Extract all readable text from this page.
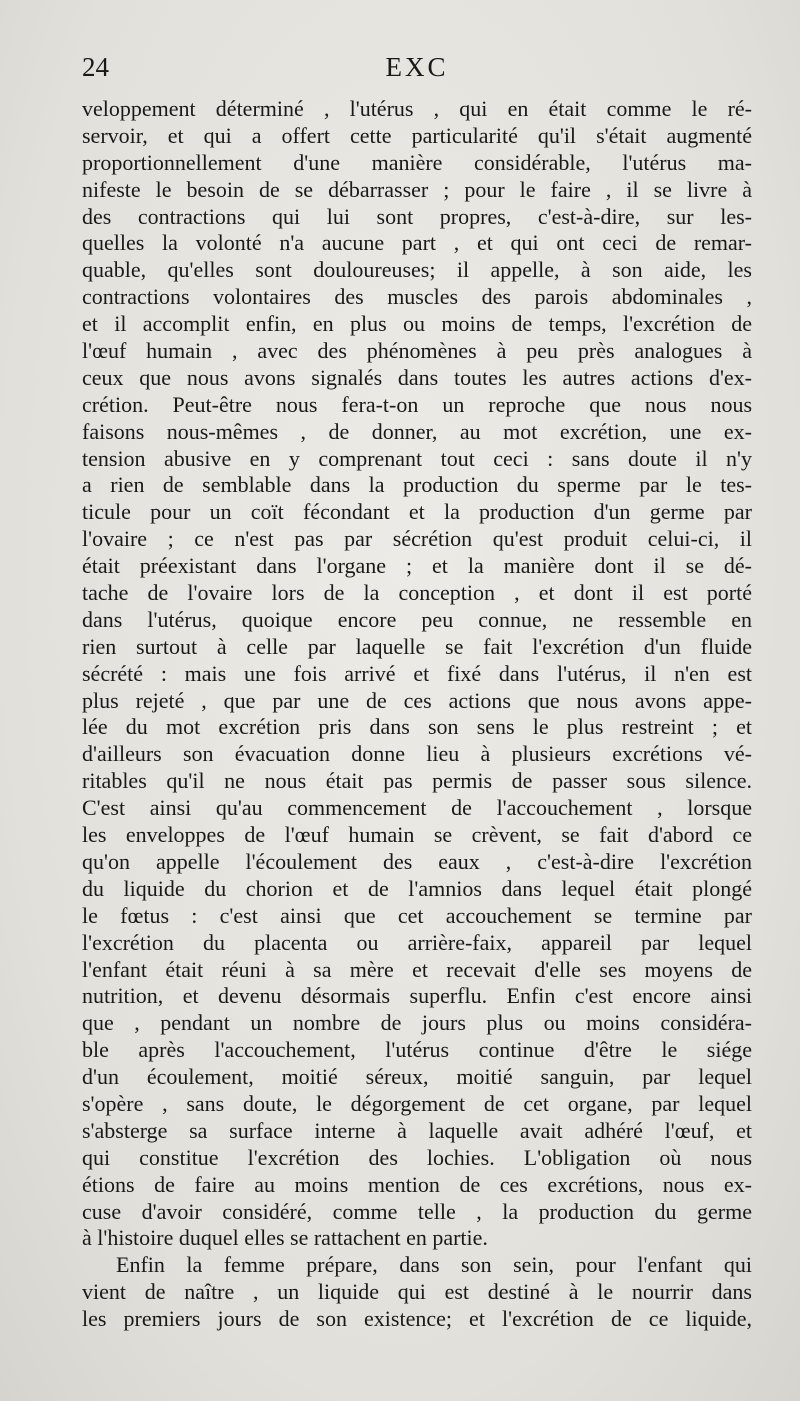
24	EXC
veloppement déterminé , l'utérus , qui en était comme le ré-
servoir, et qui a offert cette particularité qu'il s'était augmenté
proportionnellement d'une manière considérable, l'utérus ma-
nifeste le besoin de se débarrasser ; pour le faire , il se livre à
des contractions qui lui sont propres, c'est-à-dire, sur les-
quelles la volonté n'a aucune part , et qui ont ceci de remar-
quable, qu'elles sont douloureuses; il appelle, à son aide, les
contractions volontaires des muscles des parois abdominales ,
et il accomplit enfin, en plus ou moins de temps, l'excrétion de
l'œuf humain , avec des phénomènes à peu près analogues à
ceux que nous avons signalés dans toutes les autres actions d'ex-
crétion. Peut-être nous fera-t-on un reproche que nous nous
faisons nous-mêmes , de donner, au mot excrétion, une ex-
tension abusive en y comprenant tout ceci : sans doute il n'y
a rien de semblable dans la production du sperme par le tes-
ticule pour un coït fécondant et la production d'un germe par
l'ovaire ; ce n'est pas par sécrétion qu'est produit celui-ci, il
était préexistant dans l'organe ; et la manière dont il se dé-
tache de l'ovaire lors de la conception , et dont il est porté
dans l'utérus, quoique encore peu connue, ne ressemble en
rien surtout à celle par laquelle se fait l'excrétion d'un fluide
sécrété : mais une fois arrivé et fixé dans l'utérus, il n'en est
plus rejeté , que par une de ces actions que nous avons appe-
lée du mot excrétion pris dans son sens le plus restreint ; et
d'ailleurs son évacuation donne lieu à plusieurs excrétions vé-
ritables qu'il ne nous était pas permis de passer sous silence.
C'est ainsi qu'au commencement de l'accouchement , lorsque
les enveloppes de l'œuf humain se crèvent, se fait d'abord ce
qu'on appelle l'écoulement des eaux , c'est-à-dire l'excrétion
du liquide du chorion et de l'amnios dans lequel était plongé
le fœtus : c'est ainsi que cet accouchement se termine par
l'excrétion du placenta ou arrière-faix, appareil par lequel
l'enfant était réuni à sa mère et recevait d'elle ses moyens de
nutrition, et devenu désormais superflu. Enfin c'est encore ainsi
que , pendant un nombre de jours plus ou moins considéra-
ble après l'accouchement, l'utérus continue d'être le siége
d'un écoulement, moitié séreux, moitié sanguin, par lequel
s'opère , sans doute, le dégorgement de cet organe, par lequel
s'absterge sa surface interne à laquelle avait adhéré l'œuf, et
qui constitue l'excrétion des lochies. L'obligation où nous
étions de faire au moins mention de ces excrétions, nous ex-
cuse d'avoir considéré, comme telle , la production du germe
à l'histoire duquel elles se rattachent en partie.
Enfin la femme prépare, dans son sein, pour l'enfant qui
vient de naître , un liquide qui est destiné à le nourrir dans
les premiers jours de son existence; et l'excrétion de ce liquide,
